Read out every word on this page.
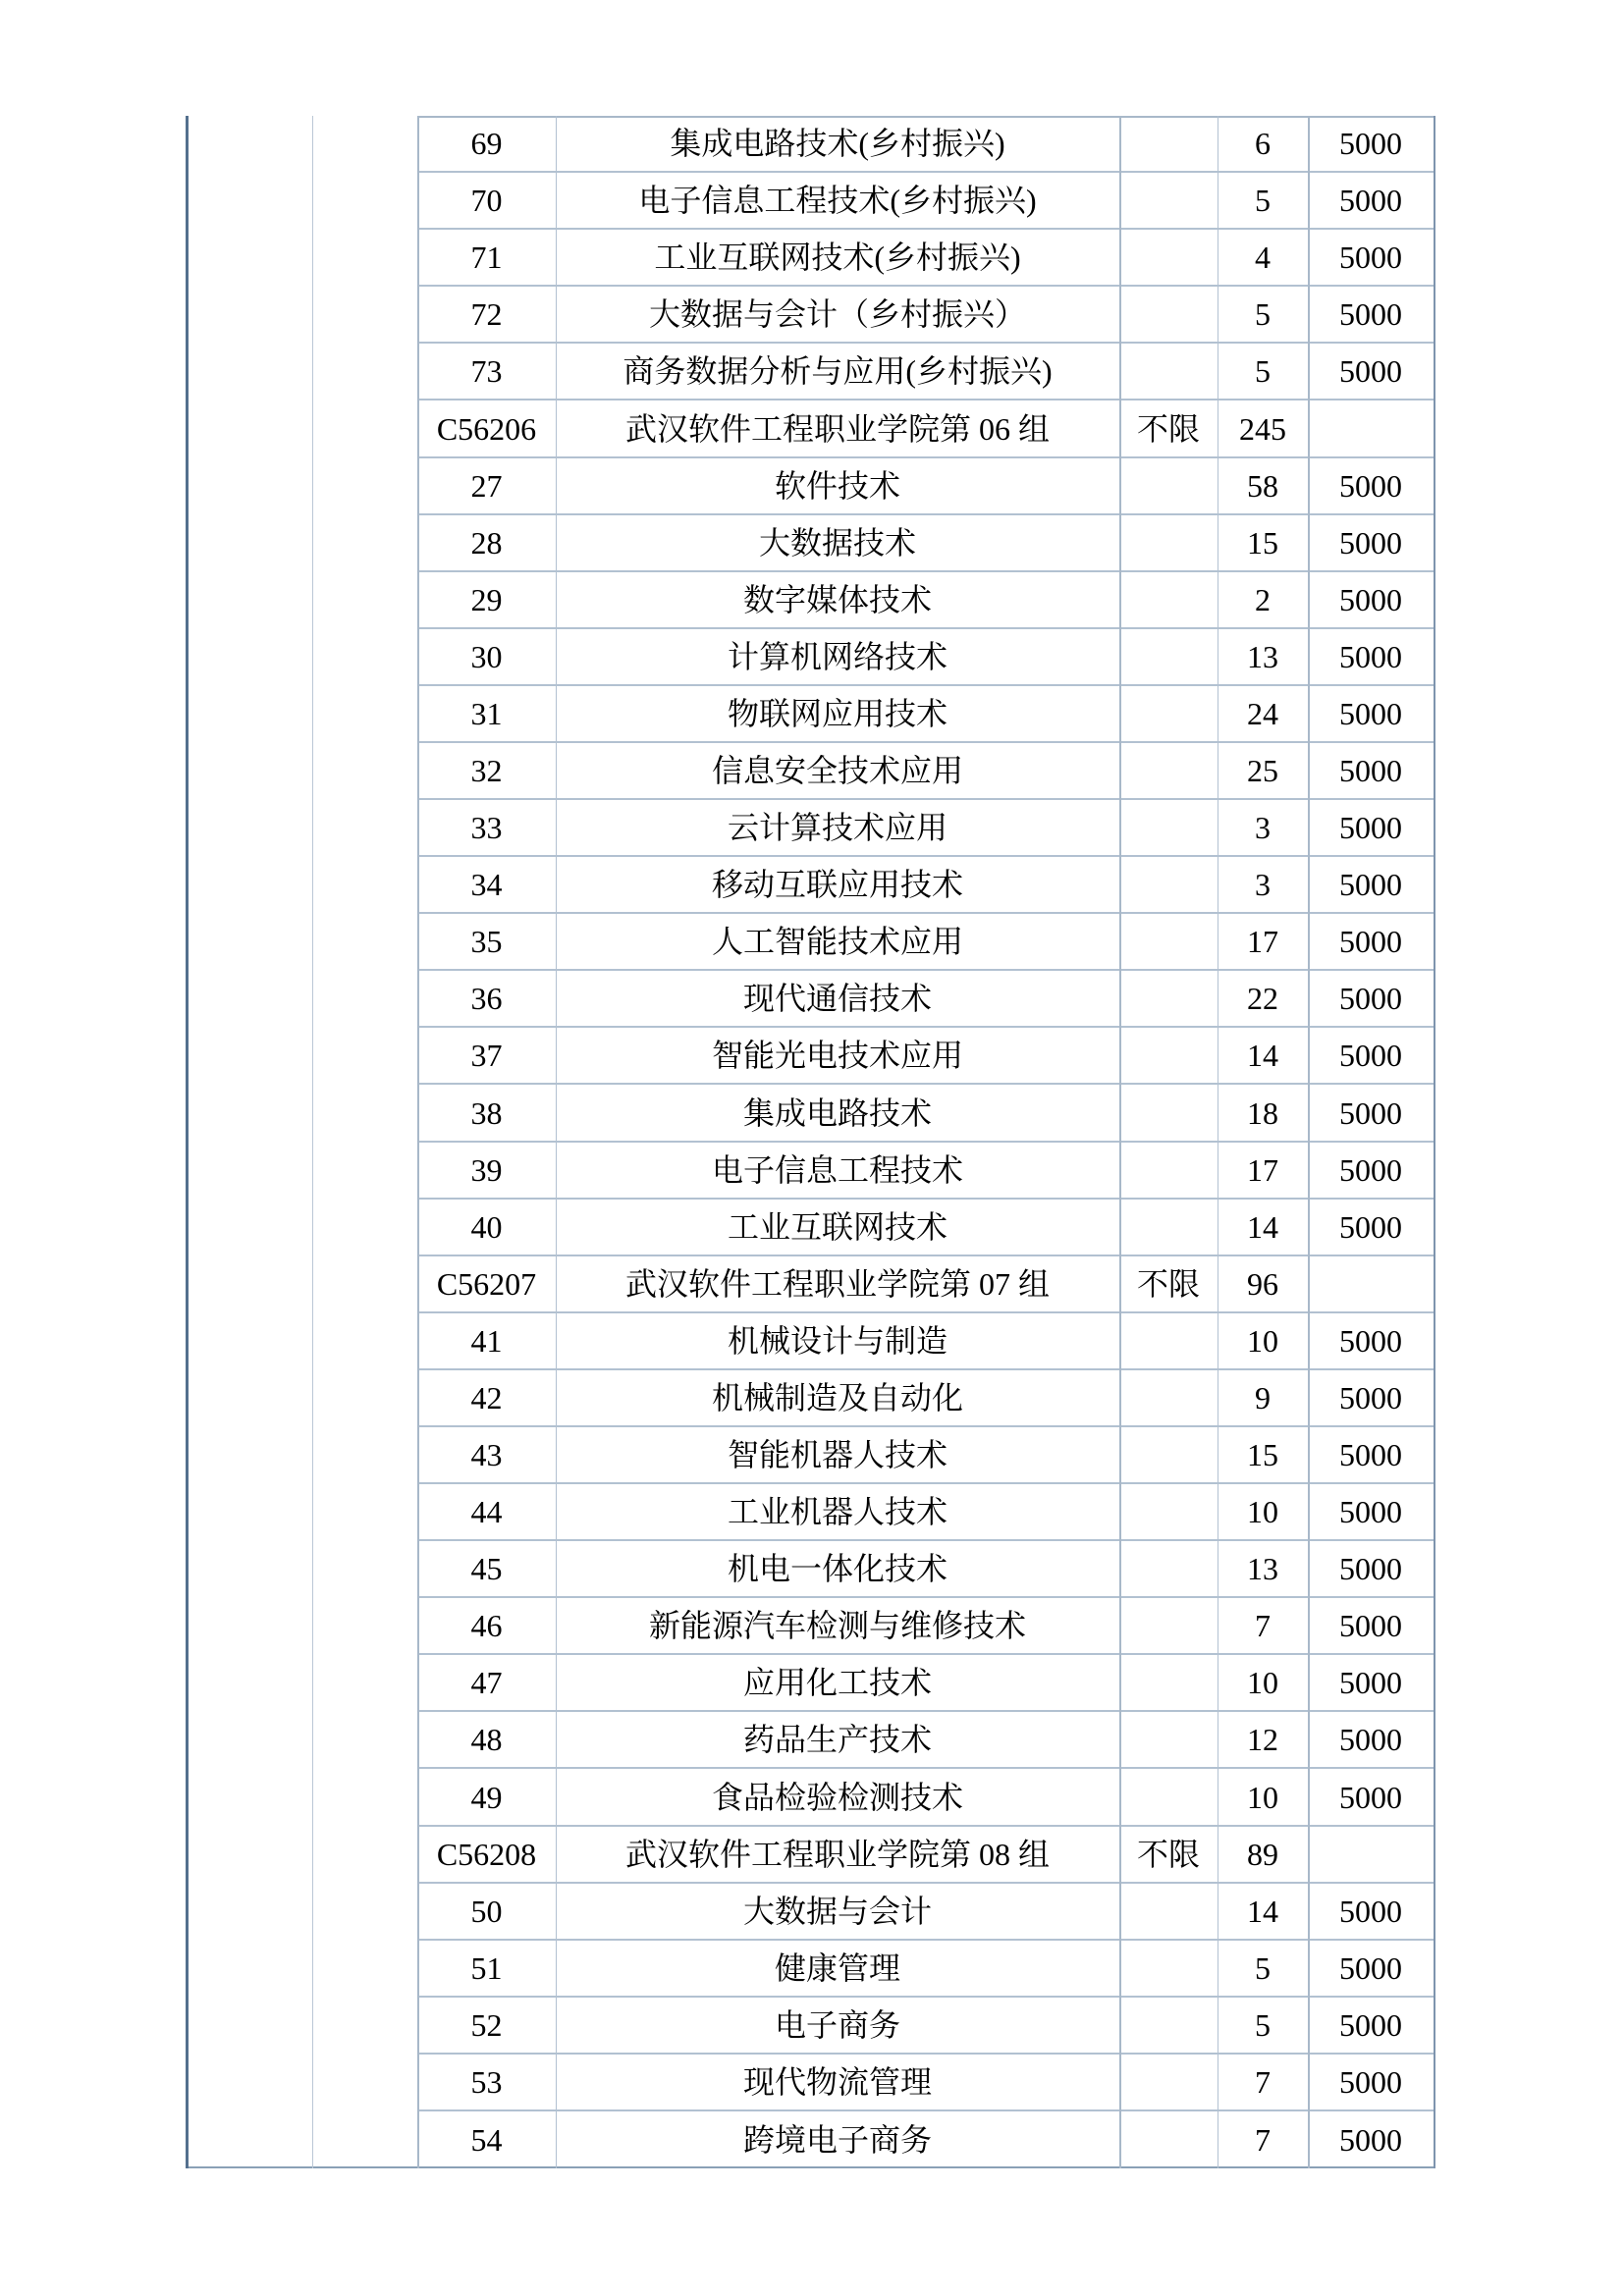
69	集成电路技术(乡村振兴)	6	5000
70	电子信息工程技术(乡村振兴)	5	5000
71	工业互联网技术(乡村振兴)	4	5000
72	大数据与会计（乡村振兴）	5	5000
73	商务数据分析与应用(乡村振兴)	5	5000
C56206	武汉软件工程职业学院第 06 组	不限	245
27	软件技术	58	5000
28	大数据技术	15	5000
29	数字媒体技术	2	5000
30	计算机网络技术	13	5000
31	物联网应用技术	24	5000
32	信息安全技术应用	25	5000
33	云计算技术应用	3	5000
34	移动互联应用技术	3	5000
35	人工智能技术应用	17	5000
36	现代通信技术	22	5000
37	智能光电技术应用	14	5000
38	集成电路技术	18	5000
39	电子信息工程技术	17	5000
40	工业互联网技术	14	5000
C56207	武汉软件工程职业学院第 07 组	不限	96
41	机械设计与制造	10	5000
42	机械制造及自动化	9	5000
43	智能机器人技术	15	5000
44	工业机器人技术	10	5000
45	机电一体化技术	13	5000
46	新能源汽车检测与维修技术	7	5000
47	应用化工技术	10	5000
48	药品生产技术	12	5000
49	食品检验检测技术	10	5000
C56208	武汉软件工程职业学院第 08 组	不限	89
50	大数据与会计	14	5000
51	健康管理	5	5000
52	电子商务	5	5000
53	现代物流管理	7	5000
54	跨境电子商务	7	5000
